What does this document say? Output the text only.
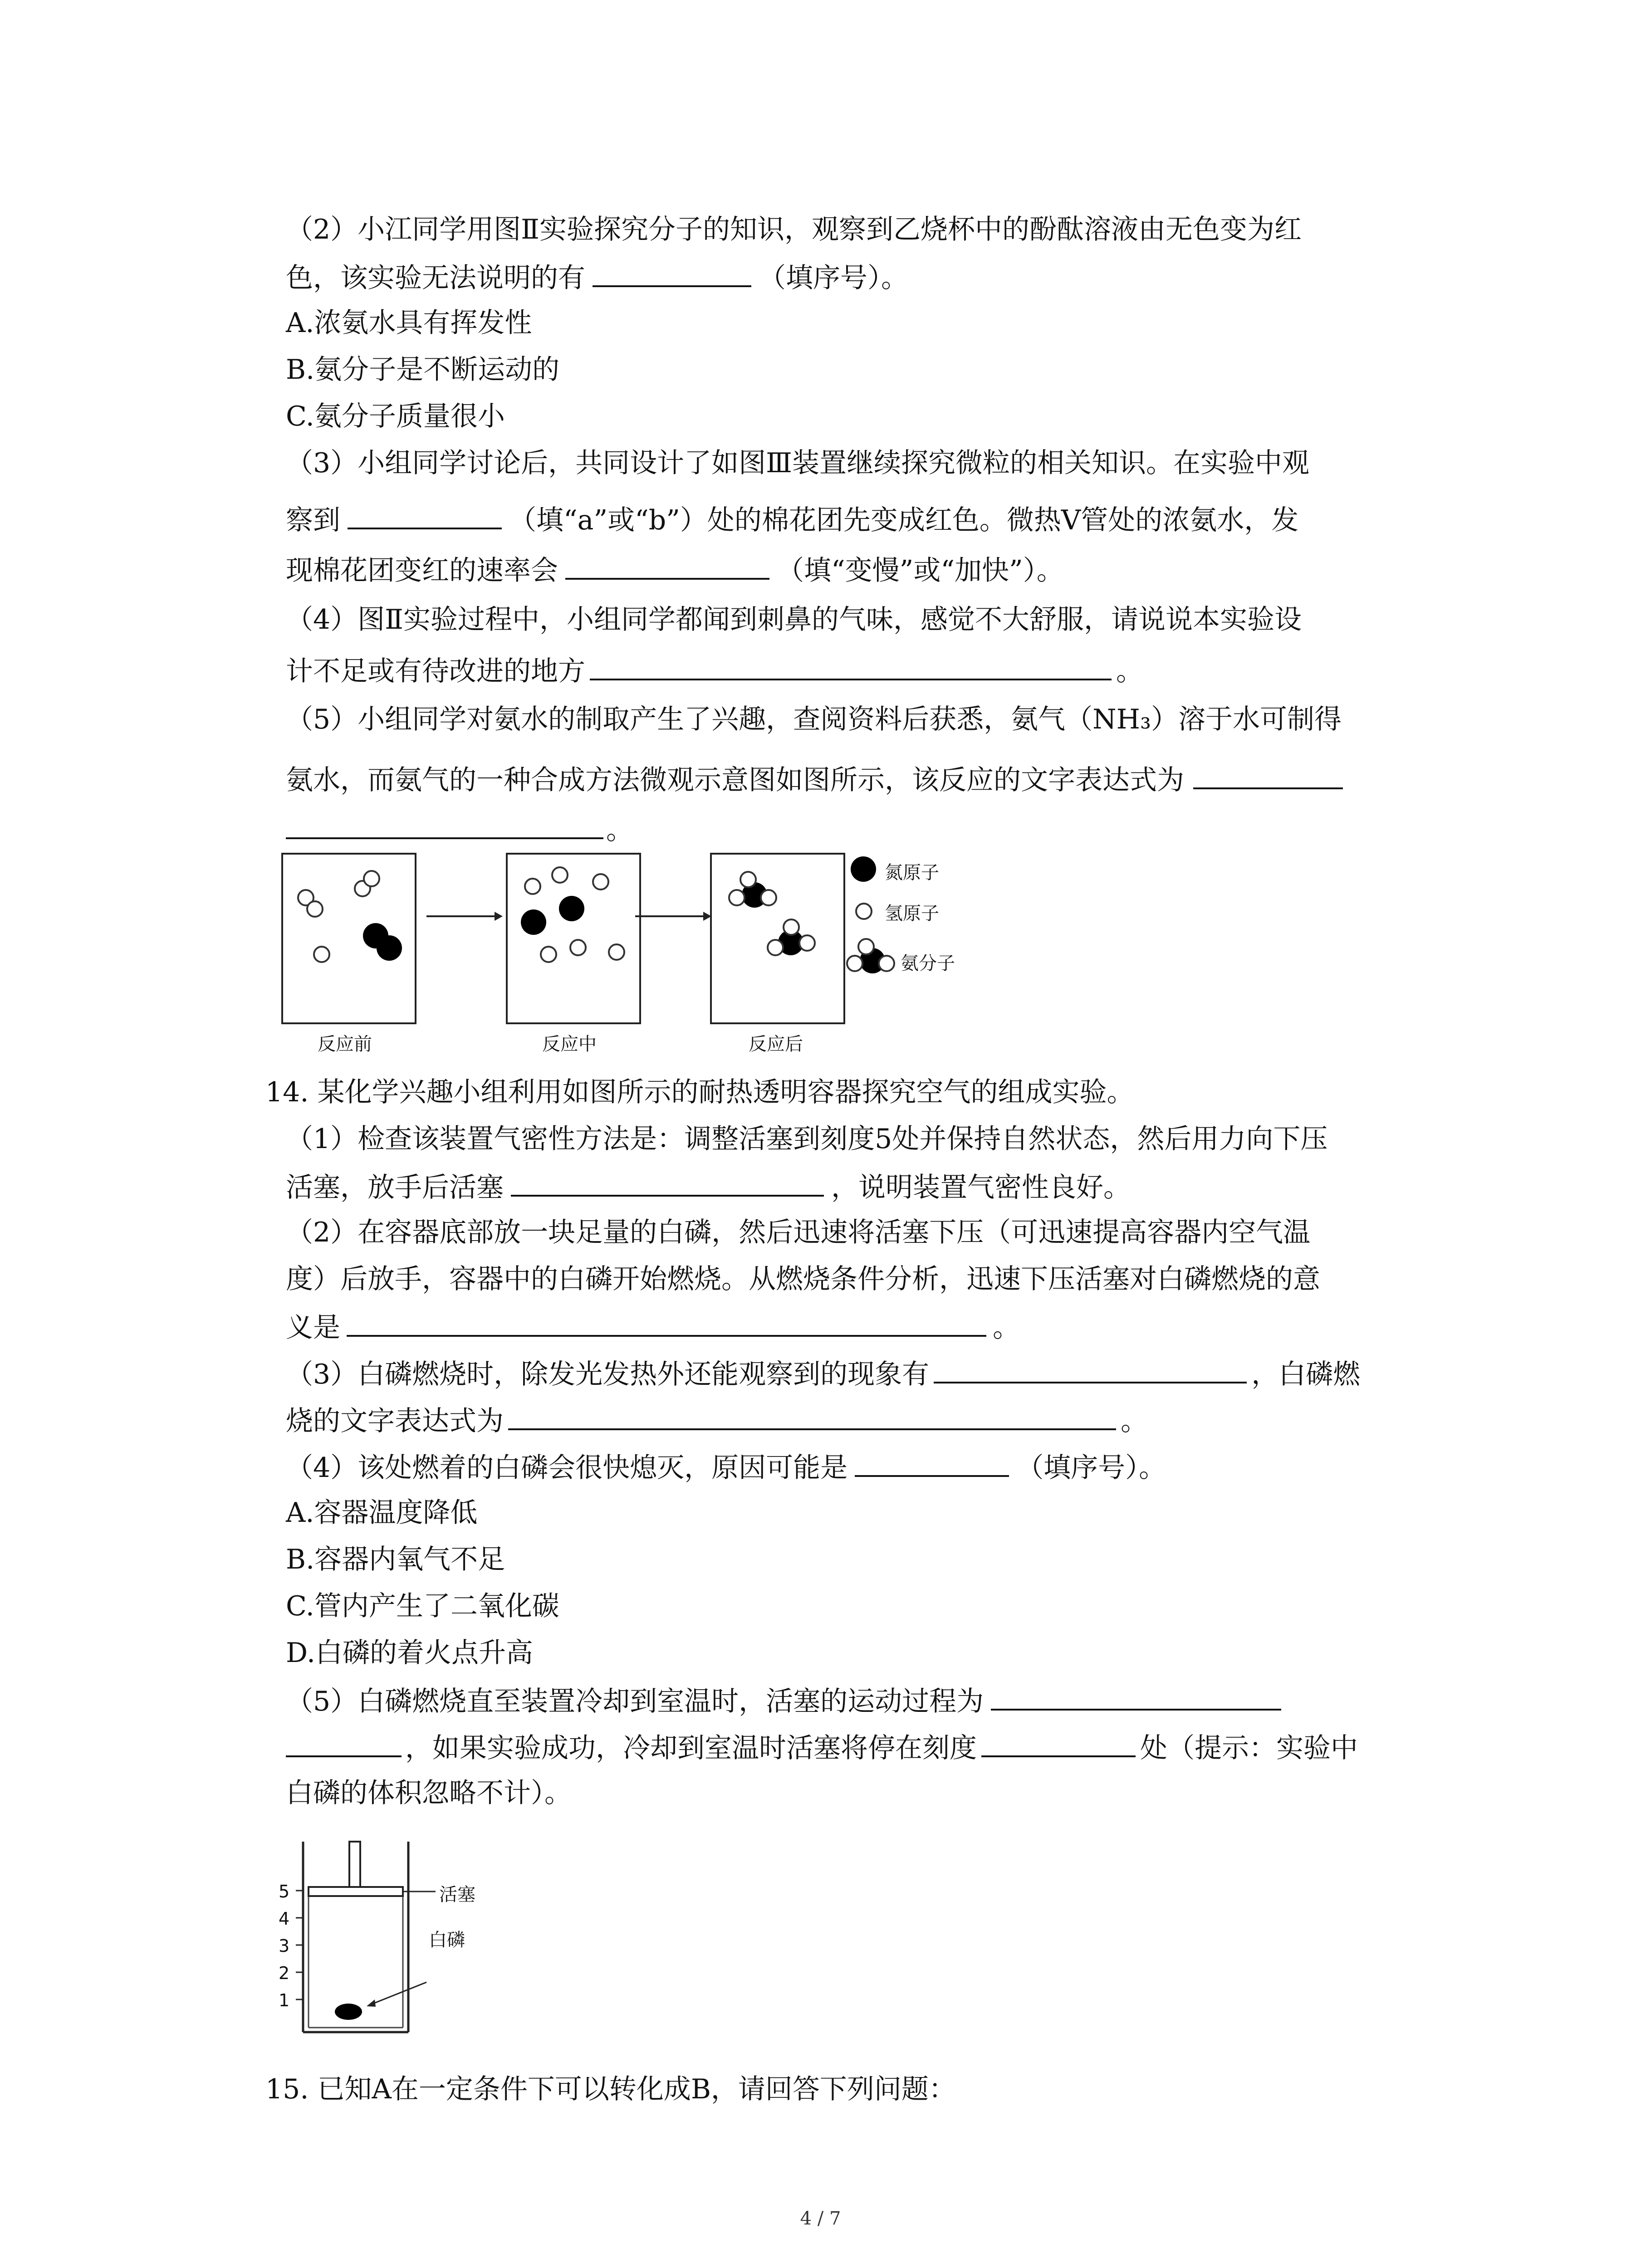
（2）小江同学用图Ⅱ实验探究分子的知识，观察到乙烧杯中的酚酞溶液由无色变为红
色，该实验无法说明的有	（填序号）。
A.浓氨水具有挥发性
B.氨分子是不断运动的
C.氨分子质量很小
（3）小组同学讨论后，共同设计了如图Ⅲ装置继续探究微粒的相关知识。在实验中观
察到	（填“a”或“b”）处的棉花团先变成红色。微热V管处的浓氨水，发
现棉花团变红的速率会	（填“变慢”或“加快”）。
（4）图Ⅱ实验过程中，小组同学都闻到刺鼻的气味，感觉不大舒服，请说说本实验设
计不足或有待改进的地方	。
（5）小组同学对氨水的制取产生了兴趣，查阅资料后获悉，氨气（NH₃）溶于水可制得
氨水，而氨气的一种合成方法微观示意图如图所示，该反应的文字表达式为
。
反应前	反应中	反应后
氮原子
氢原子
氨分子
14. 某化学兴趣小组利用如图所示的耐热透明容器探究空气的组成实验。
（1）检查该装置气密性方法是：调整活塞到刻度5处并保持自然状态，然后用力向下压
活塞，放手后活塞	，说明装置气密性良好。
（2）在容器底部放一块足量的白磷，然后迅速将活塞下压（可迅速提高容器内空气温
度）后放手，容器中的白磷开始燃烧。从燃烧条件分析，迅速下压活塞对白磷燃烧的意
义是	。
（3）白磷燃烧时，除发光发热外还能观察到的现象有	，白磷燃
烧的文字表达式为	。
（4）该处燃着的白磷会很快熄灭，原因可能是	（填序号）。
A.容器温度降低
B.容器内氧气不足
C.管内产生了二氧化碳
D.白磷的着火点升高
（5）白磷燃烧直至装置冷却到室温时，活塞的运动过程为
，如果实验成功，冷却到室温时活塞将停在刻度	处（提示：实验中
白磷的体积忽略不计）。
5
4
3
2
1
活塞
白磷
15. 已知A在一定条件下可以转化成B，请回答下列问题：
4 / 7
